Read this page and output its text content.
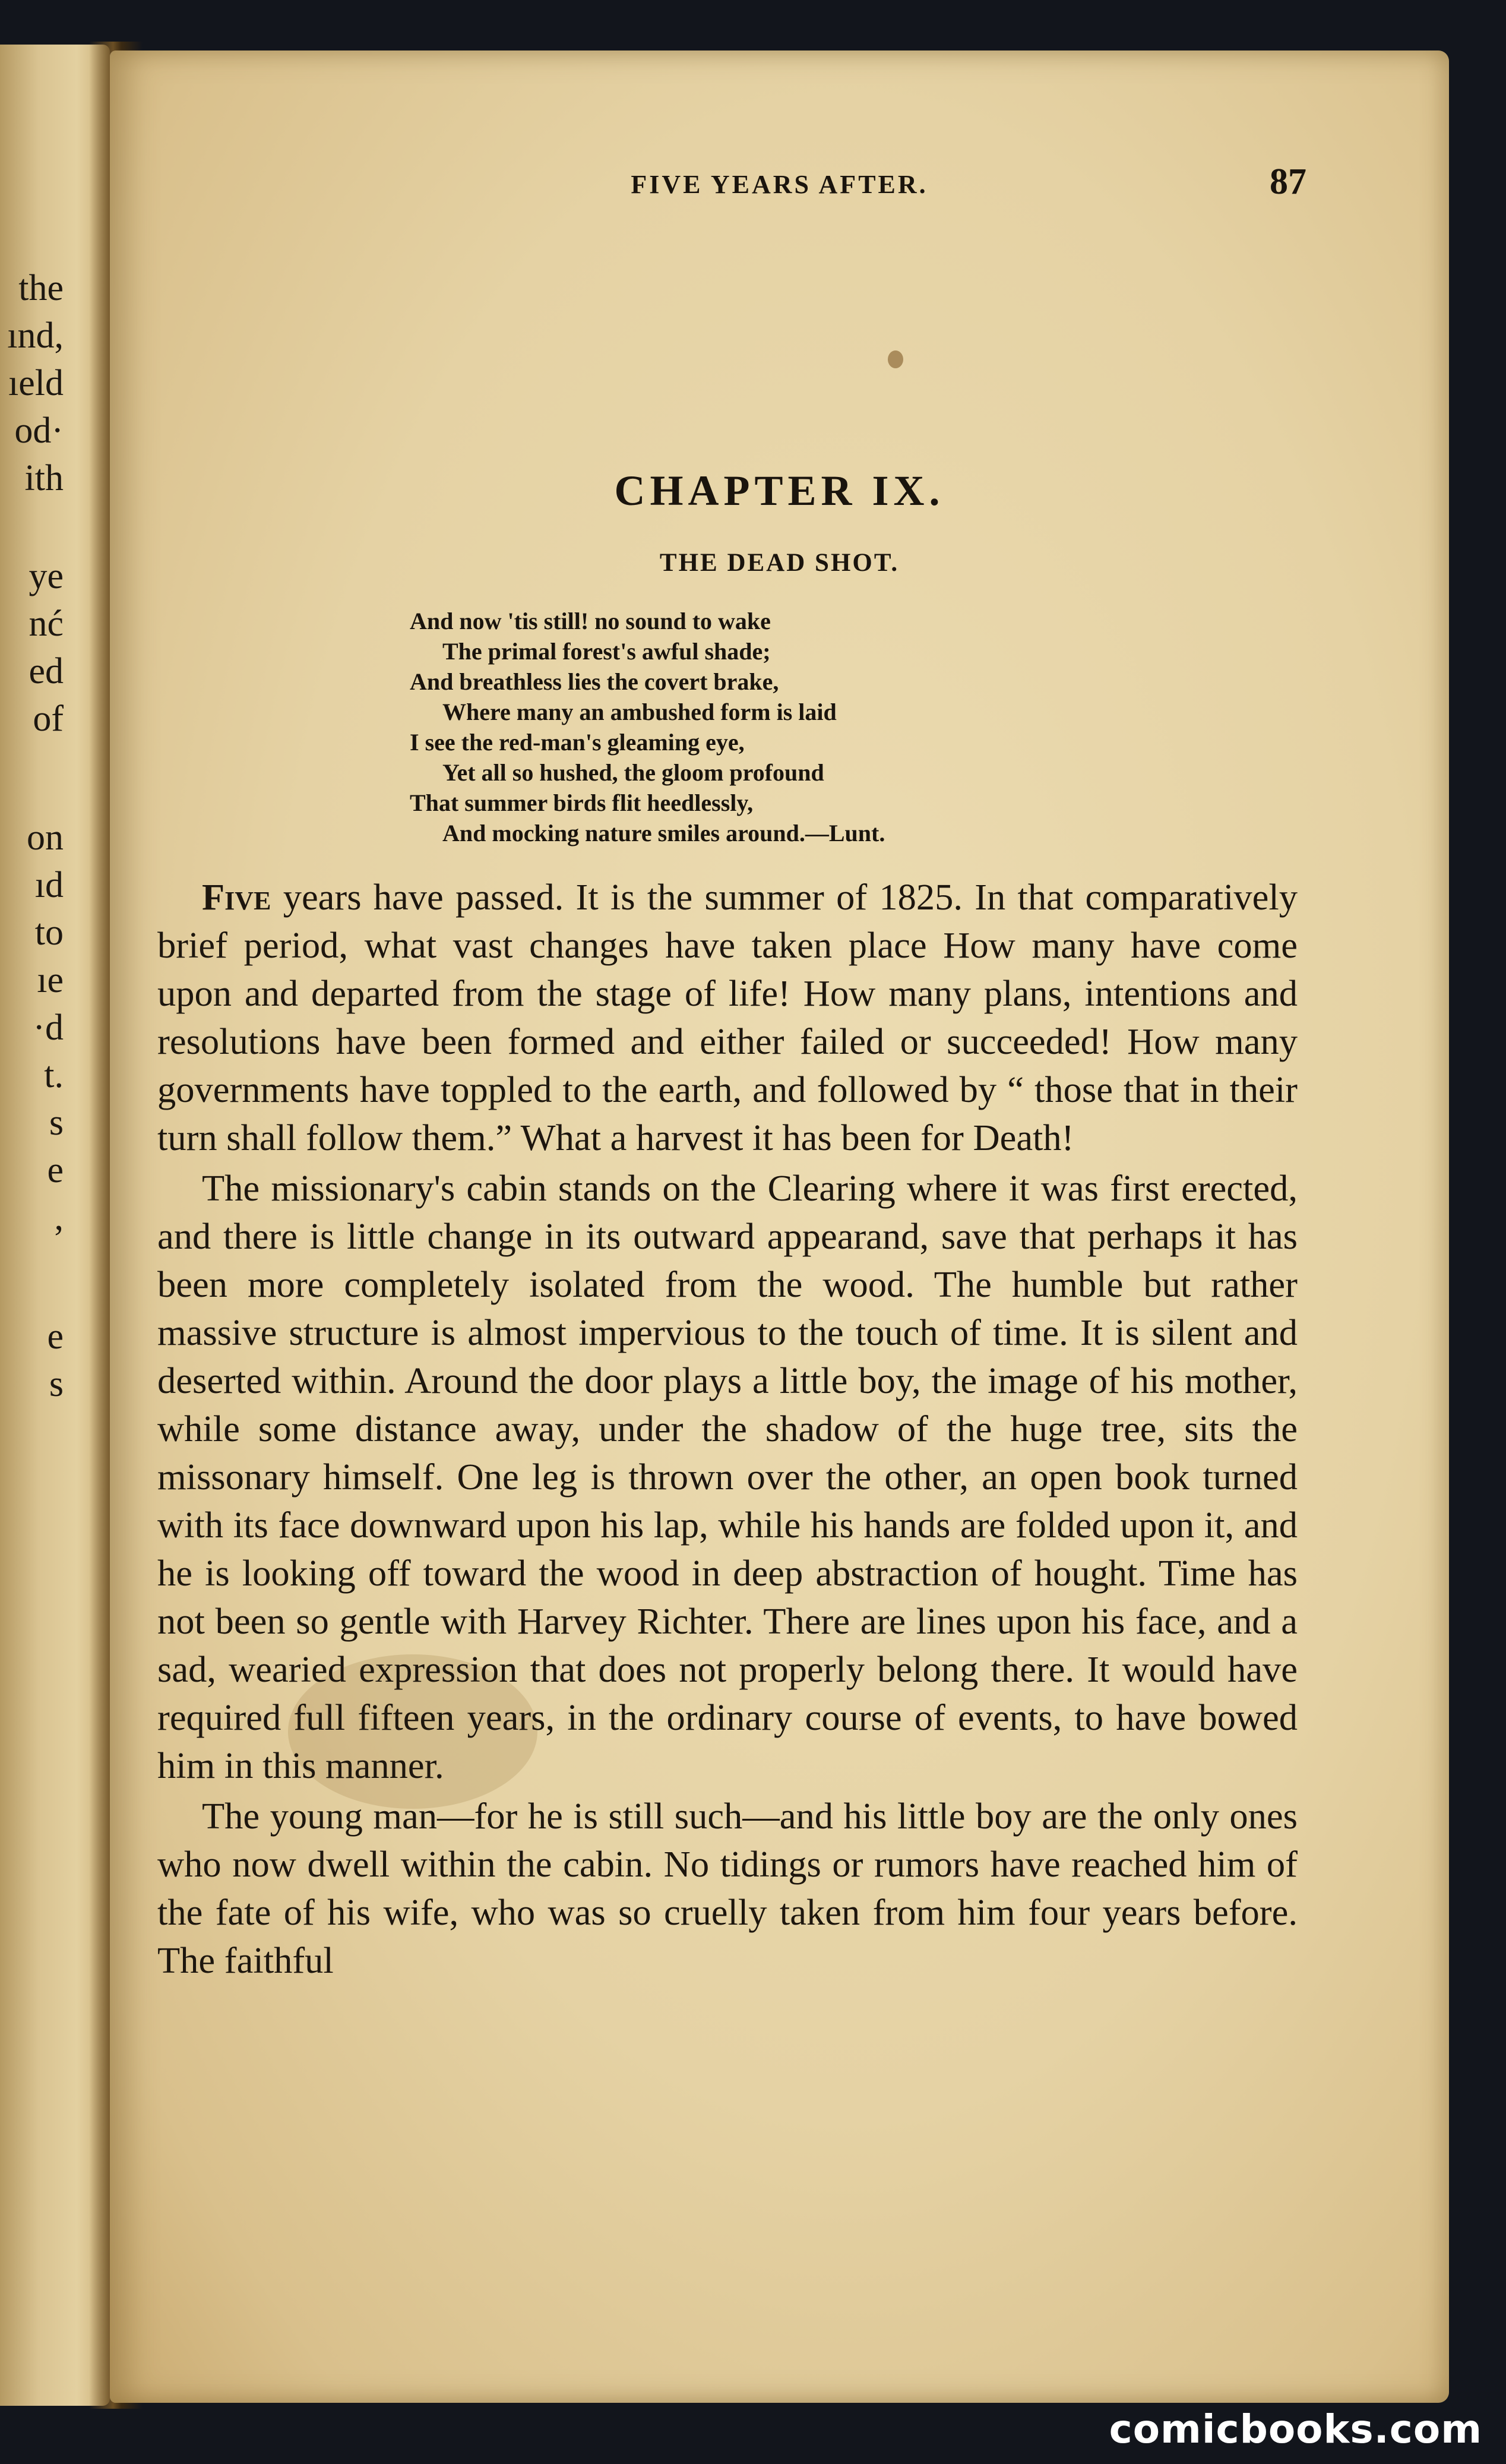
the
ınd,
ıeld
od·
ith
ye
nć
ed
of
on
ıd
to
ıe
·d
t.
s
e
,
e
s
FIVE YEARS AFTER.	87
CHAPTER IX.
THE DEAD SHOT.
And now 'tis still! no sound to wake
The primal forest's awful shade;
And breathless lies the covert brake,
Where many an ambushed form is laid
I see the red-man's gleaming eye,
Yet all so hushed, the gloom profound
That summer birds flit heedlessly,
And mocking nature smiles around.—Lunt.

Five years have passed. It is the summer of 1825. In that comparatively brief period, what vast changes have taken place How many have come upon and departed from the stage of life! How many plans, intentions and resolutions have been formed and either failed or succeeded! How many governments have toppled to the earth, and followed by “ those that in their turn shall follow them.” What a harvest it has been for Death!

The missionary's cabin stands on the Clearing where it was first erected, and there is little change in its outward appearand, save that perhaps it has been more completely isolated from the wood. The humble but rather massive structure is almost impervious to the touch of time. It is silent and deserted within. Around the door plays a little boy, the image of his mother, while some distance away, under the shadow of the huge tree, sits the missonary himself. One leg is thrown over the other, an open book turned with its face downward upon his lap, while his hands are folded upon it, and he is looking off toward the wood in deep abstraction of hought. Time has not been so gentle with Harvey Richter. There are lines upon his face, and a sad, wearied expression that does not properly belong there. It would have required full fifteen years, in the ordinary course of events, to have bowed him in this manner.

The young man—for he is still such—and his little boy are the only ones who now dwell within the cabin. No tidings or rumors have reached him of the fate of his wife, who was so cruelly taken from him four years before. The faithful

comicbooks.com
